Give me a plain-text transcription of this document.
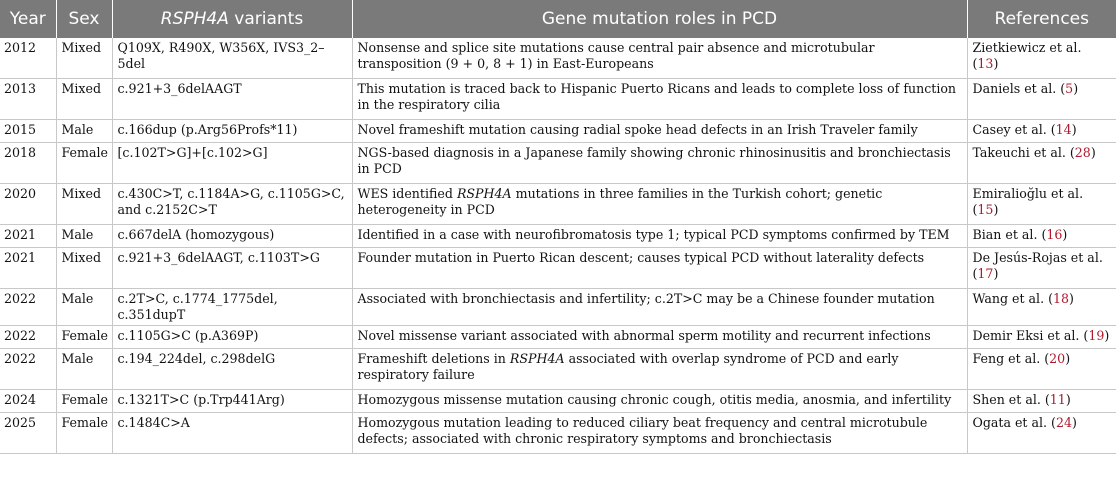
Year	Sex	RSPH4A variants	Gene mutation roles in PCD	References
2012	Mixed	Q109X, R490X, W356X, IVS3_2–5del	Nonsense and splice site mutations cause central pair absence and microtubular transposition (9 + 0, 8 + 1) in East-Europeans	Zietkiewicz et al. (13)
2013	Mixed	c.921+3_6delAAGT	This mutation is traced back to Hispanic Puerto Ricans and leads to complete loss of function in the respiratory cilia	Daniels et al. (5)
2015	Male	c.166dup (p.Arg56Profs*11)	Novel frameshift mutation causing radial spoke head defects in an Irish Traveler family	Casey et al. (14)
2018	Female	[c.102T>G]+[c.102>G]	NGS-based diagnosis in a Japanese family showing chronic rhinosinusitis and bronchiectasis in PCD	Takeuchi et al. (28)
2020	Mixed	c.430C>T, c.1184A>G, c.1105G>C, and c.2152C>T	WES identified RSPH4A mutations in three families in the Turkish cohort; genetic heterogeneity in PCD	Emiralioğlu et al. (15)
2021	Male	c.667delA (homozygous)	Identified in a case with neurofibromatosis type 1; typical PCD symptoms confirmed by TEM	Bian et al. (16)
2021	Mixed	c.921+3_6delAAGT, c.1103T>G	Founder mutation in Puerto Rican descent; causes typical PCD without laterality defects	De Jesús-Rojas et al. (17)
2022	Male	c.2T>C, c.1774_1775del, c.351dupT	Associated with bronchiectasis and infertility; c.2T>C may be a Chinese founder mutation	Wang et al. (18)
2022	Female	c.1105G>C (p.A369P)	Novel missense variant associated with abnormal sperm motility and recurrent infections	Demir Eksi et al. (19)
2022	Male	c.194_224del, c.298delG	Frameshift deletions in RSPH4A associated with overlap syndrome of PCD and early respiratory failure	Feng et al. (20)
2024	Female	c.1321T>C (p.Trp441Arg)	Homozygous missense mutation causing chronic cough, otitis media, anosmia, and infertility	Shen et al. (11)
2025	Female	c.1484C>A	Homozygous mutation leading to reduced ciliary beat frequency and central microtubule defects; associated with chronic respiratory symptoms and bronchiectasis	Ogata et al. (24)
